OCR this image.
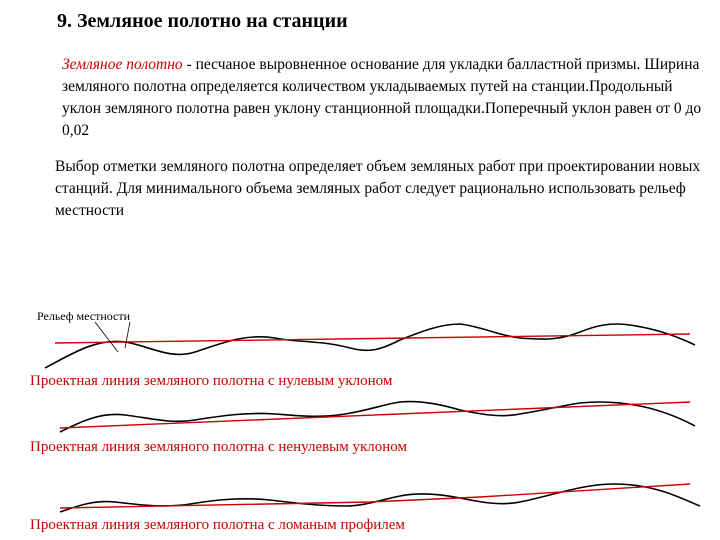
9. Земляное полотно на станции
Земляное полотно - песчаное выровненное основание для укладки балластной призмы. Ширина земляного полотна определяется количеством укладываемых путей на станции.Продольный уклон земляного полотна равен уклону станционной площадки.Поперечный уклон равен от 0 до 0,02
Выбор отметки земляного полотна определяет объем земляных работ при проектировании новых станций. Для минимального объема земляных работ следует рационально использовать рельеф местности
Рельеф местности
Проектная линия земляного полотна с нулевым уклоном
Проектная линия земляного полотна с ненулевым уклоном
Проектная линия земляного полотна с ломаным профилем
